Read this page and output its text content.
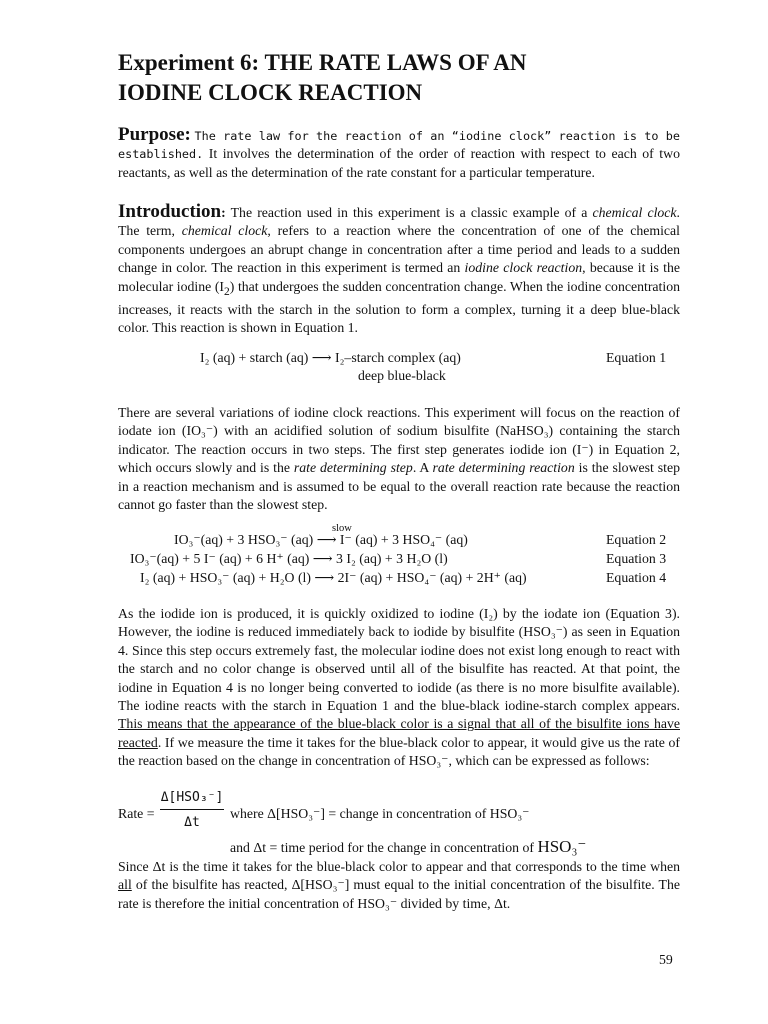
Experiment 6: THE RATE LAWS OF AN
IODINE CLOCK REACTION

Purpose: The rate law for the reaction of an “iodine clock” reaction is to be established. It involves the determination of the order of reaction with respect to each of two reactants, as well as the determination of the rate constant for a particular temperature.

Introduction: The reaction used in this experiment is a classic example of a chemical clock. The term, chemical clock, refers to a reaction where the concentration of one of the chemical components undergoes an abrupt change in concentration after a time period and leads to a sudden change in color. The reaction in this experiment is termed an iodine clock reaction, because it is the molecular iodine $(I_2)$ that undergoes the sudden concentration change. When the iodine concentration increases, it reacts with the starch in the solution to form a complex, turning it a deep blue-black color. This reaction is shown in Equation 1.

I₂ (aq) + starch (aq) ⟶ I₂–starch complex (aq)
deep blue-black
Equation 1

There are several variations of iodine clock reactions. This experiment will focus on the reaction of iodate ion (IO₃⁻) with an acidified solution of sodium bisulfite (NaHSO₃) containing the starch indicator. The reaction occurs in two steps. The first step generates iodide ion (I⁻) in Equation 2, which occurs slowly and is the rate determining step. A rate determining reaction is the slowest step in a reaction mechanism and is assumed to be equal to the overall reaction rate because the reaction cannot go faster than the slowest step.

slow
IO₃⁻(aq) + 3 HSO₃⁻ (aq) ⟶ I⁻ (aq) + 3 HSO₄⁻ (aq)	Equation 2
IO₃⁻(aq) + 5 I⁻ (aq) + 6 H⁺ (aq) ⟶ 3 I₂ (aq) + 3 H₂O (l)	Equation 3
I₂ (aq) + HSO₃⁻ (aq) + H₂O (l) ⟶ 2I⁻ (aq) + HSO₄⁻ (aq) + 2H⁺ (aq)	Equation 4

As the iodide ion is produced, it is quickly oxidized to iodine (I₂) by the iodate ion (Equation 3). However, the iodine is reduced immediately back to iodide by bisulfite (HSO₃⁻) as seen in Equation 4. Since this step occurs extremely fast, the molecular iodine does not exist long enough to react with the starch and no color change is observed until all of the bisulfite has reacted. At that point, the iodine in Equation 4 is no longer being converted to iodide (as there is no more bisulfite available). The iodine reacts with the starch in Equation 1 and the blue-black iodine-starch complex appears. This means that the appearance of the blue-black color is a signal that all of the bisulfite ions have reacted. If we measure the time it takes for the blue-black color to appear, it would give us the rate of the reaction based on the change in concentration of HSO₃⁻, which can be expressed as follows:

Rate =
Δ[HSO₃⁻]
Δt
where Δ[HSO₃⁻] = change in concentration of HSO₃⁻
and Δt = time period for the change in concentration of HSO₃⁻

Since Δt is the time it takes for the blue-black color to appear and that corresponds to the time when all of the bisulfite has reacted, Δ[HSO₃⁻] must equal to the initial concentration of the bisulfite. The rate is therefore the initial concentration of HSO₃⁻ divided by time, Δt.

59
